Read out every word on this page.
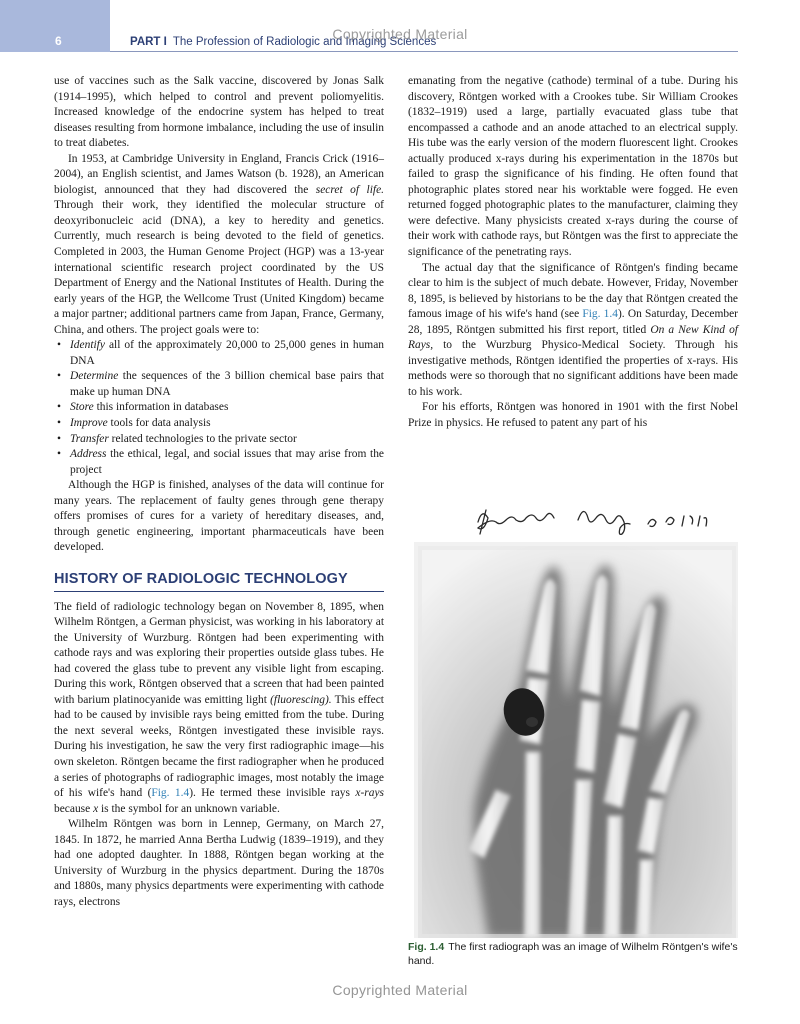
6	PART I The Profession of Radiologic and Imaging Sciences
Copyrighted Material

use of vaccines such as the Salk vaccine, discovered by Jonas Salk (1914–1995), which helped to control and prevent poliomyelitis. Increased knowledge of the endocrine system has helped to treat diseases resulting from hormone imbalance, including the use of insulin to treat diabetes.

In 1953, at Cambridge University in England, Francis Crick (1916–2004), an English scientist, and James Watson (b. 1928), an American biologist, announced that they had discovered the secret of life. Through their work, they identified the molecular structure of deoxyribonucleic acid (DNA), a key to heredity and genetics. Currently, much research is being devoted to the field of genetics. Completed in 2003, the Human Genome Project (HGP) was a 13-year international scientific research project coordinated by the US Department of Energy and the National Institutes of Health. During the early years of the HGP, the Wellcome Trust (United Kingdom) became a major partner; additional partners came from Japan, France, Germany, China, and others. The project goals were to:

• Identify all of the approximately 20,000 to 25,000 genes in human DNA
• Determine the sequences of the 3 billion chemical base pairs that make up human DNA
• Store this information in databases
• Improve tools for data analysis
• Transfer related technologies to the private sector
• Address the ethical, legal, and social issues that may arise from the project

Although the HGP is finished, analyses of the data will continue for many years. The replacement of faulty genes through gene therapy offers promises of cures for a variety of hereditary diseases, and, through genetic engineering, important pharmaceuticals have been developed.

HISTORY OF RADIOLOGIC TECHNOLOGY

The field of radiologic technology began on November 8, 1895, when Wilhelm Röntgen, a German physicist, was working in his laboratory at the University of Wurzburg. Röntgen had been experimenting with cathode rays and was exploring their properties outside glass tubes. He had covered the glass tube to prevent any visible light from escaping. During this work, Röntgen observed that a screen that had been painted with barium platinocyanide was emitting light (fluorescing). This effect had to be caused by invisible rays being emitted from the tube. During the next several weeks, Röntgen investigated these invisible rays. During his investigation, he saw the very first radiographic image—his own skeleton. Röntgen became the first radiographer when he produced a series of photographs of radiographic images, most notably the image of his wife's hand (Fig. 1.4). He termed these invisible rays x-rays because x is the symbol for an unknown variable.

Wilhelm Röntgen was born in Lennep, Germany, on March 27, 1845. In 1872, he married Anna Bertha Ludwig (1839–1919), and they had one adopted daughter. In 1888, Röntgen began working at the University of Wurzburg in the physics department. During the 1870s and 1880s, many physics departments were experimenting with cathode rays, electrons

emanating from the negative (cathode) terminal of a tube. During his discovery, Röntgen worked with a Crookes tube. Sir William Crookes (1832–1919) used a large, partially evacuated glass tube that encompassed a cathode and an anode attached to an electrical supply. His tube was the early version of the modern fluorescent light. Crookes actually produced x-rays during his experimentation in the 1870s but failed to grasp the significance of his finding. He often found that photographic plates stored near his worktable were fogged. He even returned fogged photographic plates to the manufacturer, claiming they were defective. Many physicists created x-rays during the course of their work with cathode rays, but Röntgen was the first to appreciate the significance of the penetrating rays.

The actual day that the significance of Röntgen's finding became clear to him is the subject of much debate. However, Friday, November 8, 1895, is believed by historians to be the day that Röntgen created the famous image of his wife's hand (see Fig. 1.4). On Saturday, December 28, 1895, Röntgen submitted his first report, titled On a New Kind of Rays, to the Wurzburg Physico-Medical Society. Through his investigative methods, Röntgen identified the properties of x-rays. His methods were so thorough that no significant additions have been made to his work.

For his efforts, Röntgen was honored in 1901 with the first Nobel Prize in physics. He refused to patent any part of his

Fig. 1.4 The first radiograph was an image of Wilhelm Röntgen's wife's hand.
Copyrighted Material
